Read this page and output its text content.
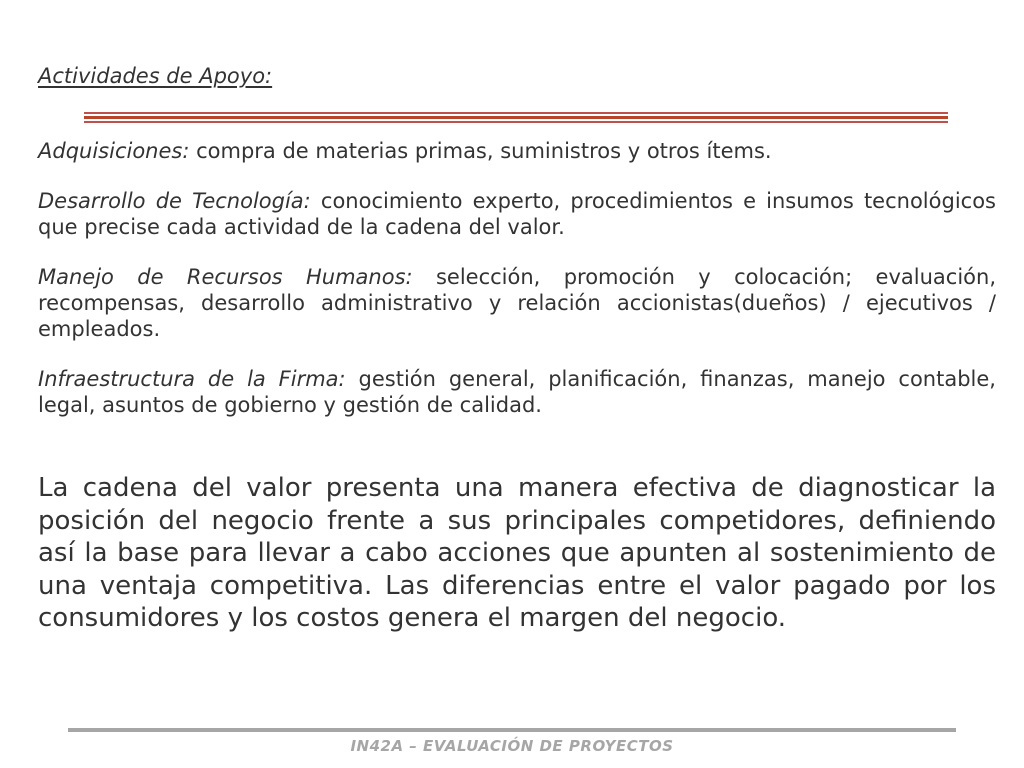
Actividades de Apoyo:

Adquisiciones: compra de materias primas, suministros y otros ítems.

Desarrollo de Tecnología: conocimiento experto, procedimientos e insumos tecnológicos que precise cada actividad de la cadena del valor.

Manejo de Recursos Humanos: selección, promoción y colocación; evaluación, recompensas, desarrollo administrativo y relación accionistas(dueños) / ejecutivos / empleados.

Infraestructura de la Firma: gestión general, planificación, finanzas, manejo contable, legal, asuntos de gobierno y gestión de calidad.

La cadena del valor presenta una manera efectiva de diagnosticar la posición del negocio frente a sus principales competidores, definiendo así la base para llevar a cabo acciones que apunten al sostenimiento de una ventaja competitiva. Las diferencias entre el valor pagado por los consumidores y los costos genera el margen del negocio.
IN42A – EVALUACIÓN DE PROYECTOS
